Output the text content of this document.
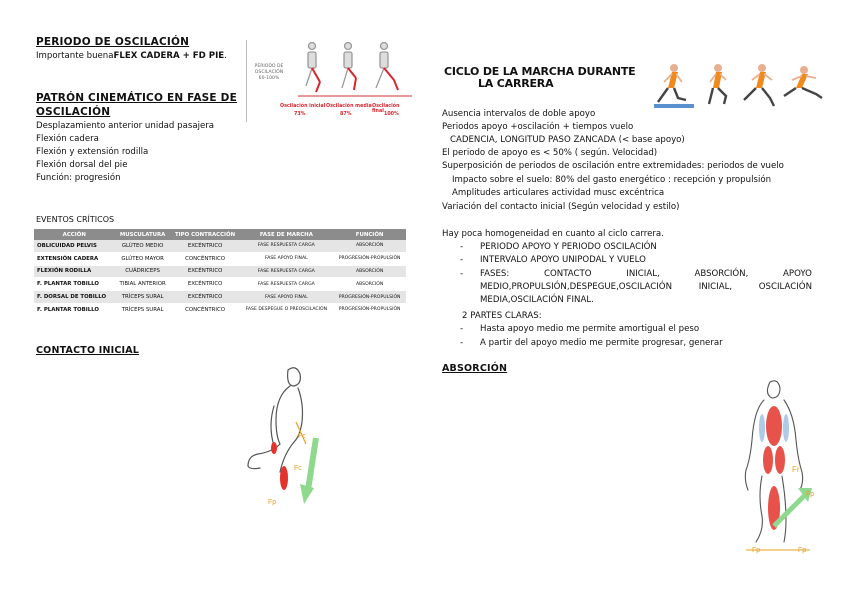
PERIODO DE OSCILACIÓN
Importante buenaFLEX CADERA + FD PIE.
PERIODO DE
OSCILACIÓN
60-100%
Oscilación inicial Oscilación media Oscilación final
73%	87%	100%
PATRÓN CINEMÁTICO EN FASE DE
OSCILACIÓN
Desplazamiento anterior unidad pasajera
Flexión cadera
Flexión y extensión rodilla
Flexión dorsal del pie
Función: progresión
EVENTOS CRÍTICOS
ACCIÓN	MUSCULATURA	TIPO CONTRACCIÓN	FASE DE MARCHA	FUNCIÓN
OBLICUIDAD PELVIS	GLÚTEO MEDIO	EXCÉNTRICO	FASE RESPUESTA CARGA	ABSORCIÓN
EXTENSIÓN CADERA	GLÚTEO MAYOR	CONCÉNTRICO	FASE APOYO FINAL	PROGRESIÓN-PROPULSIÓN
FLEXIÓN RODILLA	CUÁDRICEPS	EXCÉNTRICO	FASE RESPUESTA CARGA	ABSORCIÓN
F. PLANTAR TOBILLO	TIBIAL ANTERIOR	EXCÉNTRICO	FASE RESPUESTA CARGA	ABSORCIÓN
F. DORSAL DE TOBILLO	TRÍCEPS SURAL	EXCÉNTRICO	FASE APOYO FINAL	PROGRESIÓN-PROPULSIÓN
F. PLANTAR TOBILLO	TRÍCEPS SURAL	CONCÉNTRICO	FASE DESPEGUE O PREOSCILACIÓN	PROGRESIÓN-PROPULSIÓN
CONTACTO INICIAL
Fc
Fc
Fp
CICLO DE LA MARCHA DURANTE
LA CARRERA
Ausencia intervalos de doble apoyo
Periodos apoyo +oscilación + tiempos vuelo
CADENCIA, LONGITUD PASO ZANCADA (< base apoyo)
El periodo de apoyo es < 50% ( según. Velocidad)
Superposición de periodos de oscilación entre extremidades: periodos de vuelo
Impacto sobre el suelo: 80% del gasto energético : recepción y propulsión
Amplitudes articulares actividad musc excéntrica
Variación del contacto inicial (Según velocidad y estilo)
Hay poca homogeneidad en cuanto al ciclo carrera.
- PERIODO APOYO Y PERIODO OSCILACIÓN
- INTERVALO APOYO UNIPODAL Y VUELO
- FASES:	CONTACTO	INICIAL,	ABSORCIÓN,	APOYO
MEDIO,PROPULSIÓN,DESPEGUE,OSCILACIÓN	INICIAL,	OSCILACIÓN
MEDIA,OSCILACIÓN FINAL.
2 PARTES CLARAS:
- Hasta apoyo medio me permite amortigual el peso
- A partir del apoyo medio me permite progresar, generar
ABSORCIÓN
Fr
Fp
Fp	Fp
